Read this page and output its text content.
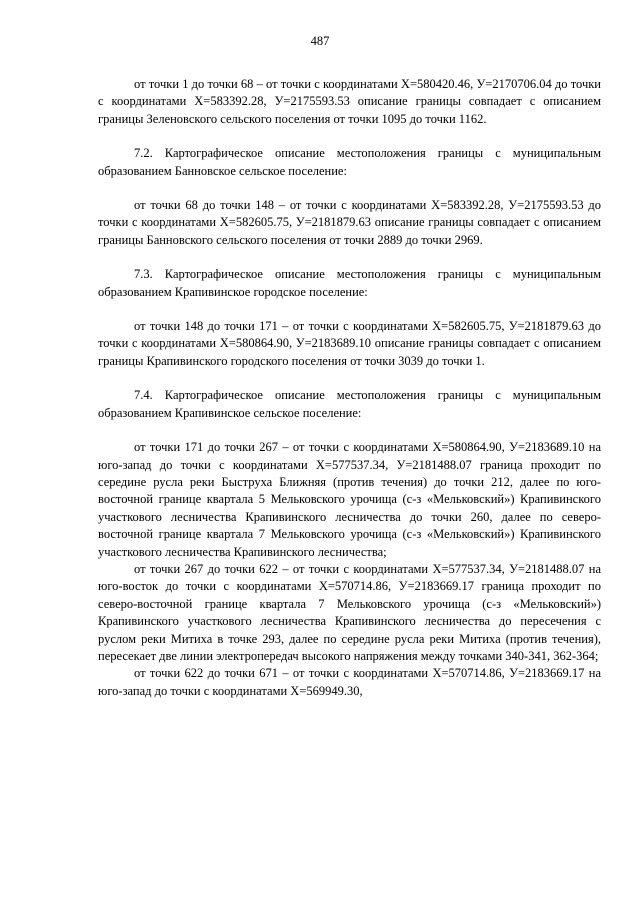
487

от точки 1 до точки 68 – от точки с координатами Х=580420.46, У=2170706.04 до точки с координатами Х=583392.28, У=2175593.53 описание границы совпадает с описанием границы Зеленовского сельского поселения от точки 1095 до точки 1162.

7.2. Картографическое описание местоположения границы с муниципальным образованием Банновское сельское поселение:

от точки 68 до точки 148 – от точки с координатами Х=583392.28, У=2175593.53 до точки с координатами Х=582605.75, У=2181879.63 описание границы совпадает с описанием границы Банновского сельского поселения от точки 2889 до точки 2969.

7.3. Картографическое описание местоположения границы с муниципальным образованием Крапивинское городское поселение:

от точки 148 до точки 171 – от точки с координатами Х=582605.75, У=2181879.63 до точки с координатами Х=580864.90, У=2183689.10 описание границы совпадает с описанием границы Крапивинского городского поселения от точки 3039 до точки 1.

7.4. Картографическое описание местоположения границы с муниципальным образованием Крапивинское сельское поселение:

от точки 171 до точки 267 – от точки с координатами Х=580864.90, У=2183689.10 на юго-запад до точки с координатами Х=577537.34, У=2181488.07 граница проходит по середине русла реки Быструха Ближняя (против течения) до точки 212, далее по юго-восточной границе квартала 5 Мельковского урочища (с-з «Мельковский») Крапивинского участкового лесничества Крапивинского лесничества до точки 260, далее по северо-восточной границе квартала 7 Мельковского урочища (с-з «Мельковский») Крапивинского участкового лесничества Крапивинского лесничества;

от точки 267 до точки 622 – от точки с координатами Х=577537.34, У=2181488.07 на юго-восток до точки с координатами Х=570714.86, У=2183669.17 граница проходит по северо-восточной границе квартала 7 Мельковского урочища (с-з «Мельковский») Крапивинского участкового лесничества Крапивинского лесничества до пересечения с руслом реки Митиха в точке 293, далее по середине русла реки Митиха (против течения), пересекает две линии электропередач высокого напряжения между точками 340-341, 362-364;

от точки 622 до точки 671 – от точки с координатами Х=570714.86, У=2183669.17 на юго-запад до точки с координатами Х=569949.30,
